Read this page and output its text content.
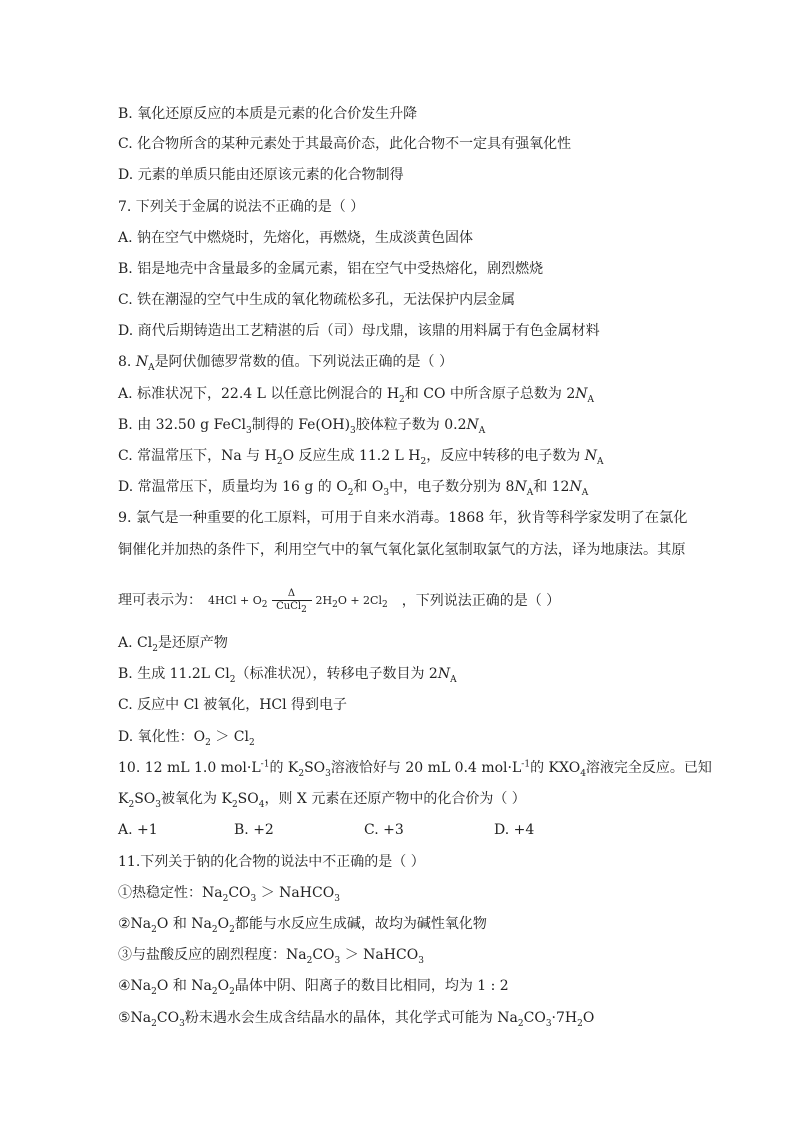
B. 氧化还原反应的本质是元素的化合价发生升降
C. 化合物所含的某种元素处于其最高价态，此化合物不一定具有强氧化性
D. 元素的单质只能由还原该元素的化合物制得
7. 下列关于金属的说法不正确的是（ ）
A. 钠在空气中燃烧时，先熔化，再燃烧，生成淡黄色固体
B. 铝是地壳中含量最多的金属元素，铝在空气中受热熔化，剧烈燃烧
C. 铁在潮湿的空气中生成的氧化物疏松多孔，无法保护内层金属
D. 商代后期铸造出工艺精湛的后（司）母戊鼎，该鼎的用料属于有色金属材料
8. $N_A$是阿伏伽德罗常数的值。下列说法正确的是（ ）
A. 标准状况下，22.4 L 以任意比例混合的 $H_2$和 CO 中所含原子总数为 $2N_A$
B. 由 32.50 g FeCl$_3$制得的 $Fe(OH)_3$胶体粒子数为 $0.2N_A$
C. 常温常压下，Na 与 $H_2O$ 反应生成 11.2 L $H_2$，反应中转移的电子数为 $N_A$
D. 常温常压下，质量均为 16 g 的 $O_2$和 $O_3$中，电子数分别为 $8N_A$和 $12N_A$
9. 氯气是一种重要的化工原料，可用于自来水消毒。1868 年，狄肯等科学家发明了在氯化
铜催化并加热的条件下，利用空气中的氧气氧化氯化氢制取氯气的方法，译为地康法。其原
理可表示为： $4HCl + O_2$
Δ
CuCl$_2$
$2H_2O + 2Cl_2$ ，下列说法正确的是（ ）
A. $Cl_2$是还原产物
B. 生成 11.2L $Cl_2$（标准状况），转移电子数目为 $2N_A$
C. 反应中 Cl 被氧化，HCl 得到电子
D. 氧化性：$O_2 > Cl_2$
10. 12 mL 1.0 $mol\cdot L^{-1}$的 $K_2SO_3$溶液恰好与 20 mL 0.4 $mol\cdot L^{-1}$的 $KXO_4$溶液完全反应。已知
$K_2SO_3$被氧化为 $K_2SO_4$，则 X 元素在还原产物中的化合价为（ ）
A. +1	B. +2	C. +3	D. +4
11.下列关于钠的化合物的说法中不正确的是（ ）
①热稳定性：$Na_2CO_3$ ＞ NaHCO$_3$
$②Na_2O$ 和 $Na_2O_2$都能与水反应生成碱，故均为碱性氧化物
③与盐酸反应的剧烈程度：$Na_2CO_3$ ＞ NaHCO$_3$
$④Na_2O$ 和 $Na_2O_2$晶体中阴、阳离子的数目比相同，均为 1 : 2
$⑤Na_2CO_3$粉末遇水会生成含结晶水的晶体，其化学式可能为 $Na_2CO_3\cdot 7H_2O$
